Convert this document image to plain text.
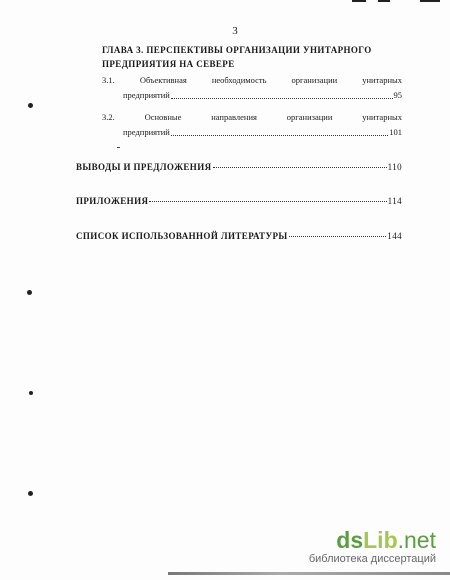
3
ГЛАВА 3. ПЕРСПЕКТИВЫ ОРГАНИЗАЦИИ УНИТАРНОГО
ПРЕДПРИЯТИЯ НА СЕВЕРЕ
3.1.	Объективная	необходимость	организации	унитарных
предприятий	95
3.2.	Основные	направления	организации	унитарных
предприятий	101
ВЫВОДЫ И ПРЕДЛОЖЕНИЯ	110
ПРИЛОЖЕНИЯ	114
СПИСОК ИСПОЛЬЗОВАННОЙ ЛИТЕРАТУРЫ	144
dsLib.net
библиотека диссертаций
